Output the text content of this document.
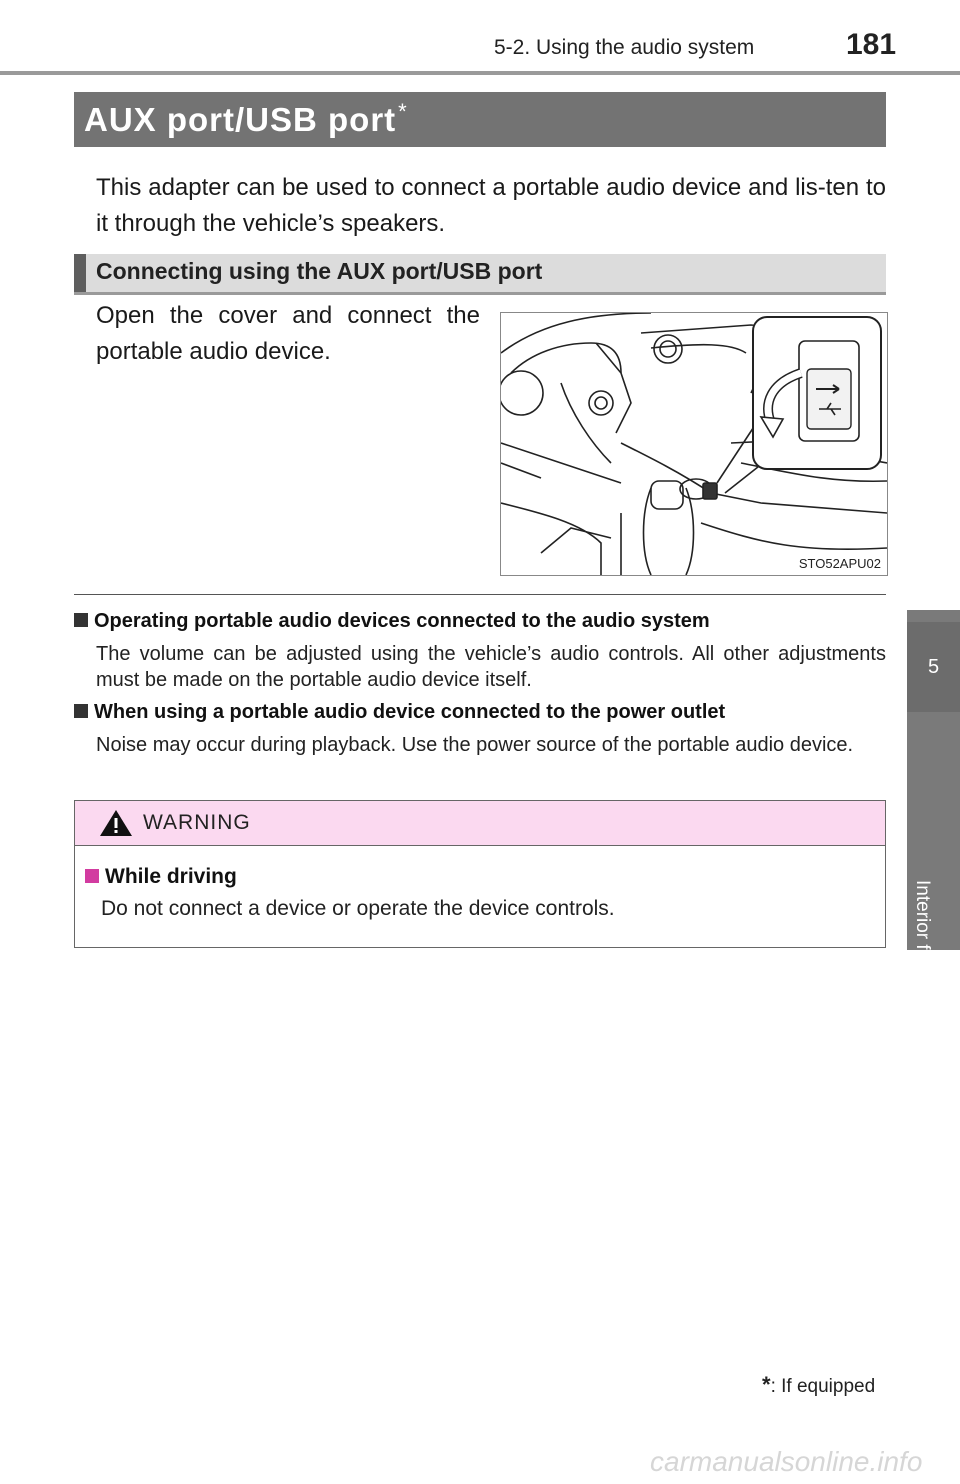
5-2. Using the audio system	181
5
Interior features
AUX port/USB port*
This adapter can be used to connect a portable audio device and lis-ten to it through the vehicle’s speakers.
Connecting using the AUX port/USB port
Open the cover and connect the portable audio device.
STO52APU02
Operating portable audio devices connected to the audio system
The volume can be adjusted using the vehicle’s audio controls. All other adjustments must be made on the portable audio device itself.
When using a portable audio device connected to the power outlet
Noise may occur during playback. Use the power source of the portable audio device.
WARNING
While driving
Do not connect a device or operate the device controls.
*: If equipped
carmanualsonline.info
